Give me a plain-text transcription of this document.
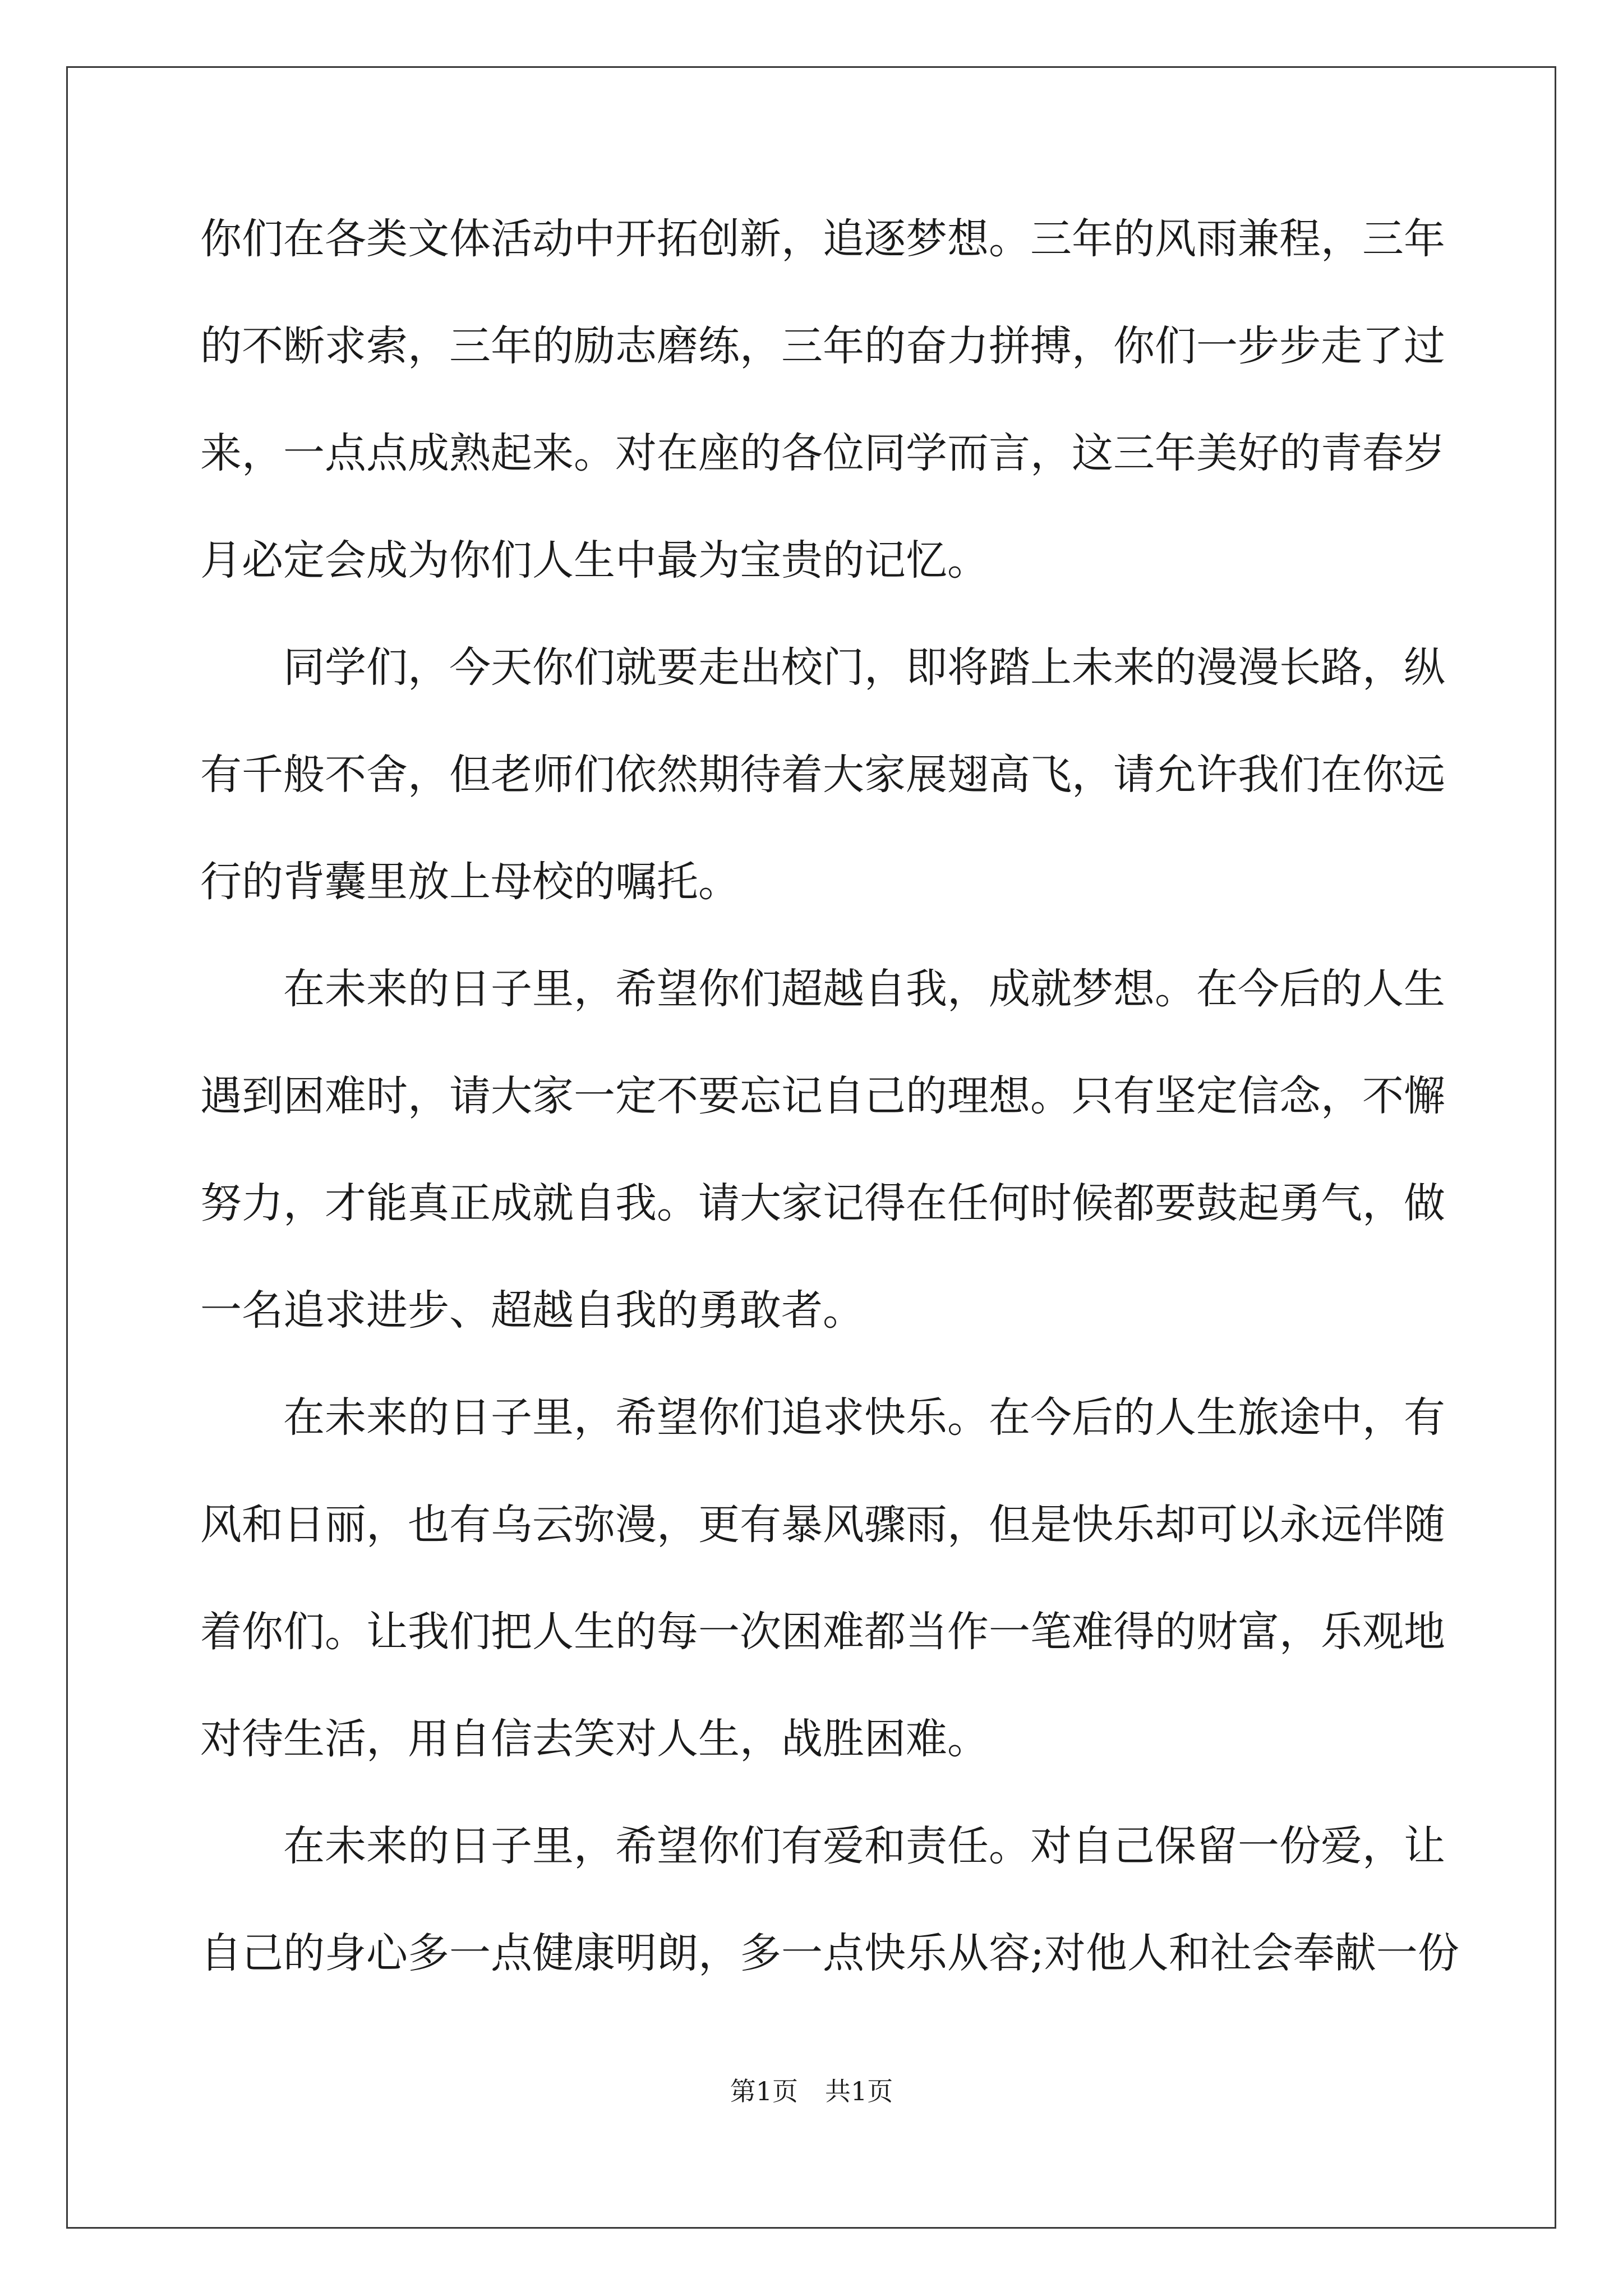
你们在各类文体活动中开拓创新，追逐梦想。三年的风雨兼程，三年
的不断求索，三年的励志磨练，三年的奋力拼搏，你们一步步走了过
来，一点点成熟起来。对在座的各位同学而言，这三年美好的青春岁
月必定会成为你们人生中最为宝贵的记忆。
同学们，今天你们就要走出校门，即将踏上未来的漫漫长路，纵
有千般不舍，但老师们依然期待着大家展翅高飞，请允许我们在你远
行的背囊里放上母校的嘱托。
在未来的日子里，希望你们超越自我，成就梦想。在今后的人生
遇到困难时，请大家一定不要忘记自己的理想。只有坚定信念，不懈
努力，才能真正成就自我。请大家记得在任何时候都要鼓起勇气，做
一名追求进步、超越自我的勇敢者。
在未来的日子里，希望你们追求快乐。在今后的人生旅途中，有
风和日丽，也有乌云弥漫，更有暴风骤雨，但是快乐却可以永远伴随
着你们。让我们把人生的每一次困难都当作一笔难得的财富，乐观地
对待生活，用自信去笑对人生，战胜困难。
在未来的日子里，希望你们有爱和责任。对自己保留一份爱，让
自己的身心多一点健康明朗，多一点快乐从容;对他人和社会奉献一份
第1页 共1页
